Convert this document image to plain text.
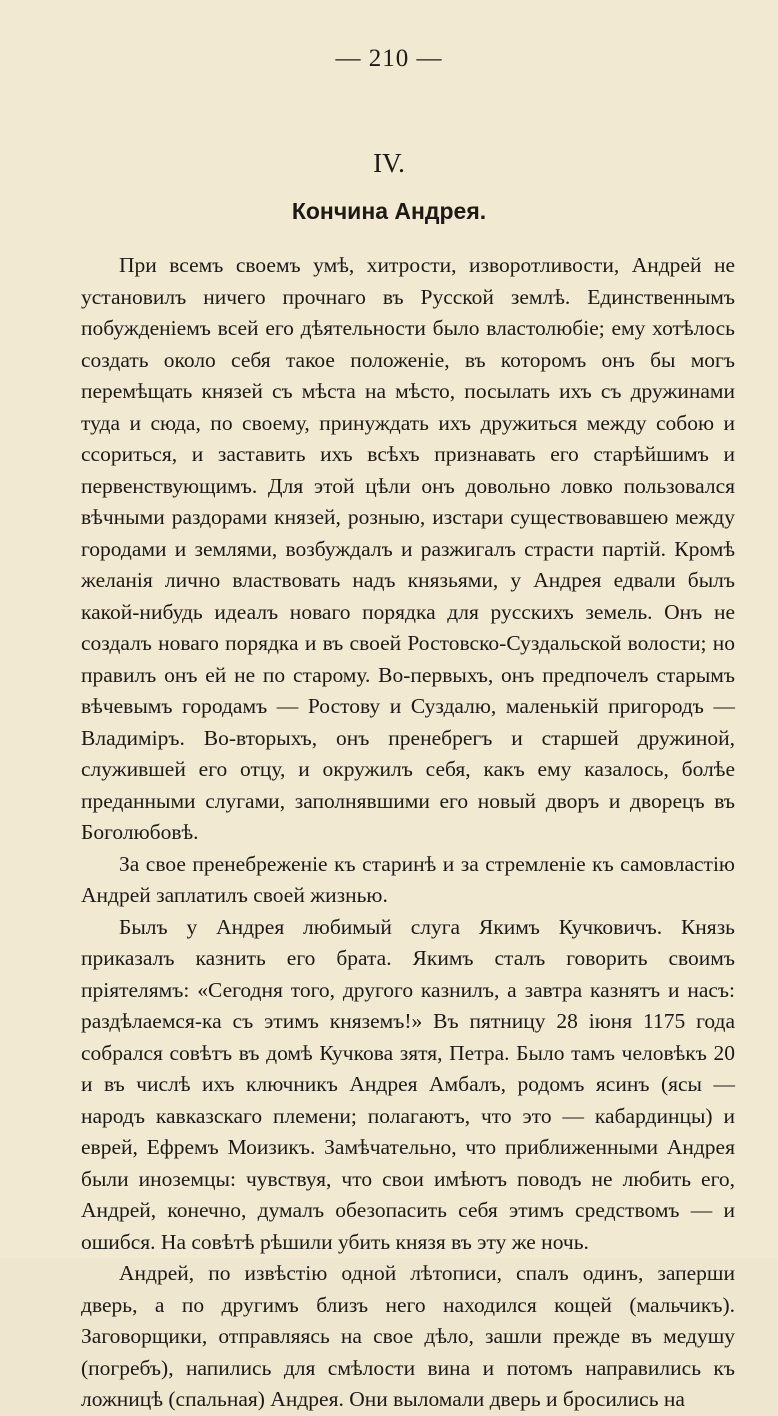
— 210 —
IV.
Кончина Андрея.

При всемъ своемъ умѣ, хитрости, изворотливости, Андрей не установилъ ничего прочнаго въ Русской землѣ. Единственнымъ побужденіемъ всей его дѣятельности было властолюбіе; ему хотѣлось создать около себя такое положеніе, въ которомъ онъ бы могъ перемѣщать князей съ мѣста на мѣсто, посылать ихъ съ дружинами туда и сюда, по своему, принуждать ихъ дружиться между собою и ссориться, и заставить ихъ всѣхъ признавать его старѣйшимъ и первенствующимъ. Для этой цѣли онъ довольно ловко пользовался вѣчными раздорами князей, розныю, изстари существовавшею между городами и землями, возбуждалъ и разжигалъ страсти партій. Кромѣ желанія лично властвовать надъ князьями, у Андрея едвали былъ какой-нибудь идеалъ новаго порядка для русскихъ земель. Онъ не создалъ новаго порядка и въ своей Ростовско-Суздальской волости; но правилъ онъ ей не по старому. Во-первыхъ, онъ предпочелъ старымъ вѣчевымъ городамъ — Ростову и Суздалю, маленькій пригородъ — Владиміръ. Во-вторыхъ, онъ пренебрегъ и старшей дружиной, служившей его отцу, и окружилъ себя, какъ ему казалось, болѣе преданными слугами, заполнявшими его новый дворъ и дворецъ въ Боголюбовѣ.

За свое пренебреженіе къ старинѣ и за стремленіе къ самовластію Андрей заплатилъ своей жизнью.

Былъ у Андрея любимый слуга Якимъ Кучковичъ. Князь приказалъ казнить его брата. Якимъ сталъ говорить своимъ пріятелямъ: «Сегодня того, другого казнилъ, а завтра казнятъ и насъ: раздѣлаемся-ка съ этимъ княземъ!» Въ пятницу 28 іюня 1175 года собрался совѣтъ въ домѣ Кучкова зятя, Петра. Было тамъ человѣкъ 20 и въ числѣ ихъ ключникъ Андрея Амбалъ, родомъ ясинъ (ясы — народъ кавказскаго племени; полагаютъ, что это — кабардинцы) и еврей, Ефремъ Моизикъ. Замѣчательно, что приближенными Андрея были иноземцы: чувствуя, что свои имѣютъ поводъ не любить его, Андрей, конечно, думалъ обезопасить себя этимъ средствомъ — и ошибся. На совѣтѣ рѣшили убить князя въ эту же ночь.

Андрей, по извѣстію одной лѣтописи, спалъ одинъ, заперши дверь, а по другимъ близъ него находился кощей (мальчикъ). Заговорщики, отправляясь на свое дѣло, зашли прежде въ медушу (погребъ), напились для смѣлости вина и потомъ направились къ ложницѣ (спальная) Андрея. Они выломали дверь и бросились на
